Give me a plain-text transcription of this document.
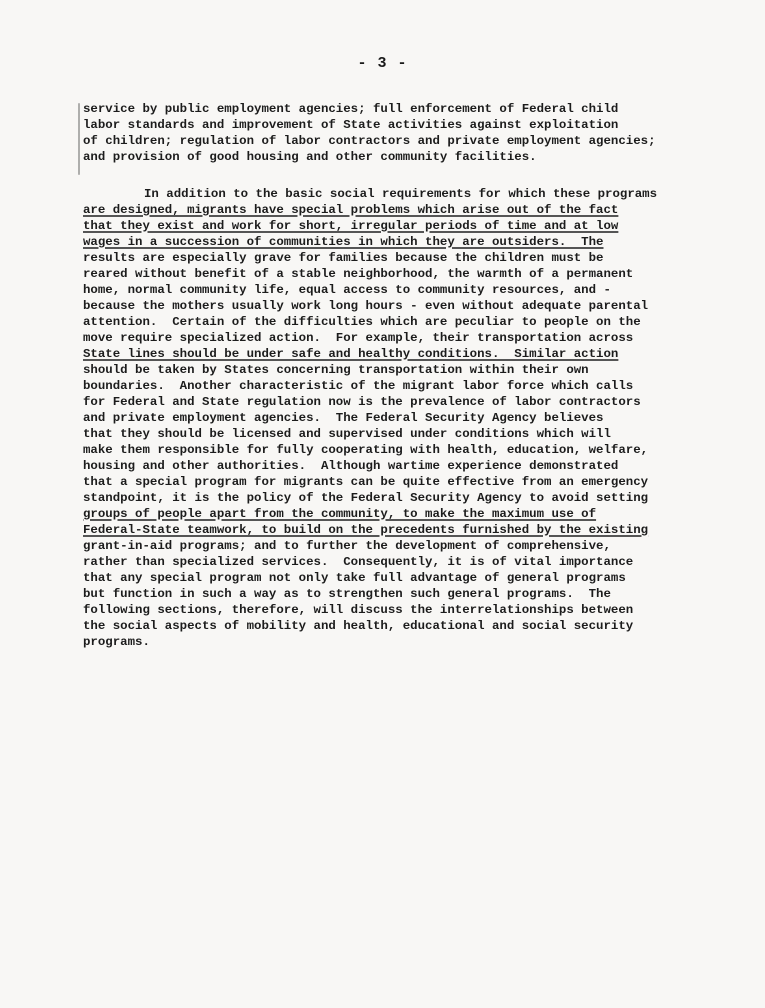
- 3 -
service by public employment agencies; full enforcement of Federal child
labor standards and improvement of State activities against exploitation
of children; regulation of labor contractors and private employment agencies;
and provision of good housing and other community facilities.
In addition to the basic social requirements for which these programs
are designed, migrants have special problems which arise out of the fact
that they exist and work for short, irregular periods of time and at low
wages in a succession of communities in which they are outsiders.  The
results are especially grave for families because the children must be
reared without benefit of a stable neighborhood, the warmth of a permanent
home, normal community life, equal access to community resources, and -
because the mothers usually work long hours - even without adequate parental
attention.  Certain of the difficulties which are peculiar to people on the
move require specialized action.  For example, their transportation across
State lines should be under safe and healthy conditions.  Similar action
should be taken by States concerning transportation within their own
boundaries.  Another characteristic of the migrant labor force which calls
for Federal and State regulation now is the prevalence of labor contractors
and private employment agencies.  The Federal Security Agency believes
that they should be licensed and supervised under conditions which will
make them responsible for fully cooperating with health, education, welfare,
housing and other authorities.  Although wartime experience demonstrated
that a special program for migrants can be quite effective from an emergency
standpoint, it is the policy of the Federal Security Agency to avoid setting
groups of people apart from the community, to make the maximum use of
Federal-State teamwork, to build on the precedents furnished by the existing
grant-in-aid programs; and to further the development of comprehensive,
rather than specialized services.  Consequently, it is of vital importance
that any special program not only take full advantage of general programs
but function in such a way as to strengthen such general programs.  The
following sections, therefore, will discuss the interrelationships between
the social aspects of mobility and health, educational and social security
programs.
